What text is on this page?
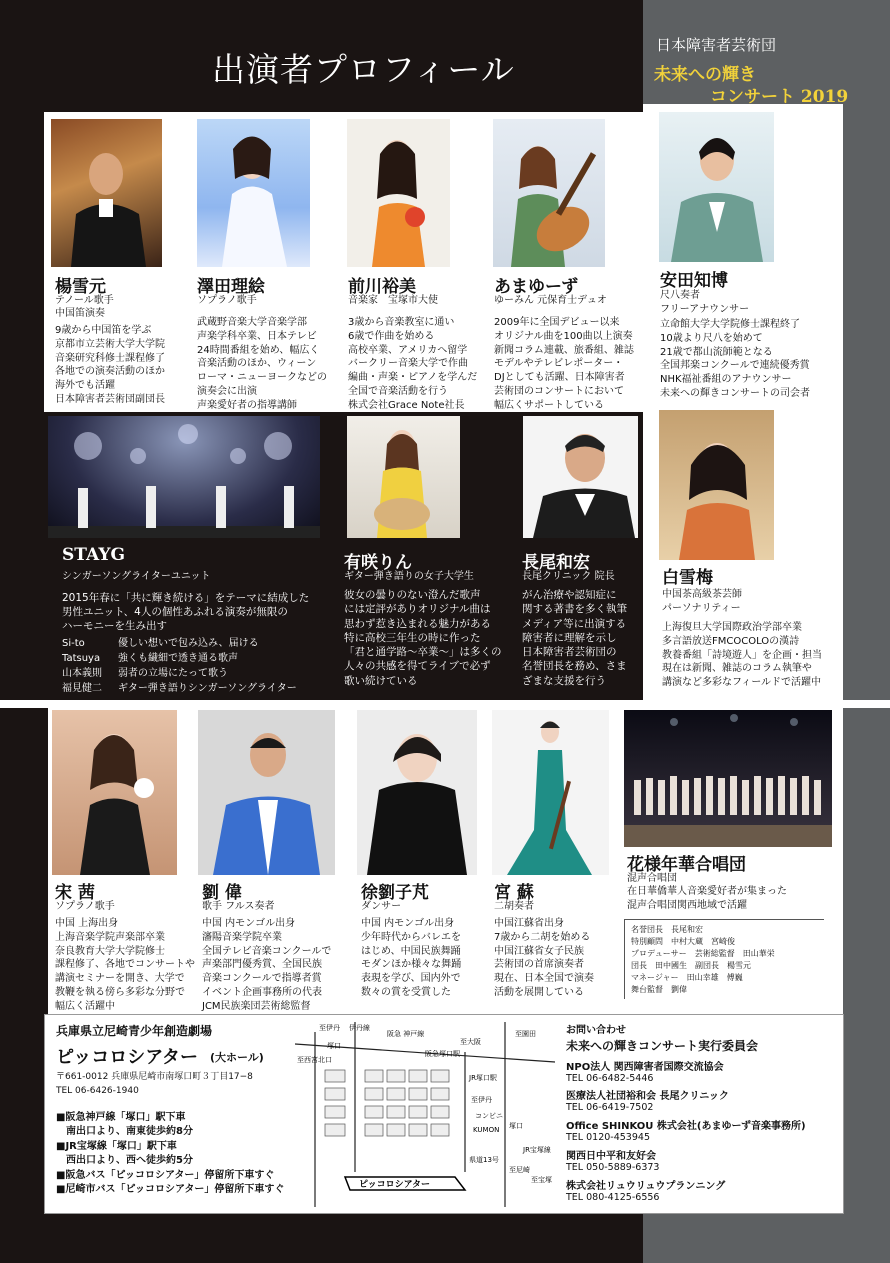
出演者プロフィール
日本障害者芸術団
未来への輝き
コンサート 2019
楊雪元
テノール歌手
中国笛演奏
9歳から中国笛を学ぶ
京都市立芸術大学大学院
音楽研究科修士課程修了
各地での演奏活動のほか
海外でも活躍
日本障害者芸術団副団長
澤田理絵
ソプラノ歌手
武蔵野音楽大学音楽学部
声楽学科卒業、日本テレビ
24時間番組を始め、幅広く
音楽活動のほか、ウィーン
ローマ・ニューヨークなどの
演奏会に出演
声楽愛好者の指導講師
前川裕美
音楽家　宝塚市大使
3歳から音楽教室に通い
6歳で作曲を始める
高校卒業、アメリカへ留学
バークリー音楽大学で作曲
編曲・声楽・ピアノを学んだ
全国で音楽活動を行う
株式会社Grace Note社長
あまゆーず
ゆーみん 元保育士デュオ
2009年に全国デビュー以来
オリジナル曲を100曲以上演奏
新聞コラム連載、旅番組、雑誌
モデルやテレビレポーター・
DJとしても活躍、日本障害者
芸術団のコンサートにおいて
幅広くサポートしている
安田知博
尺八奏者
フリーアナウンサー
立命館大学大学院修士課程終了
10歳より尺八を始めて
21歳で都山流師範となる
全国邦楽コンクールで連続優秀賞
NHK福祉番組のアナウンサー
未来への輝きコンサートの司会者
STAYG
シンガーソングライターユニット
2015年春に「共に輝き続ける」をテーマに結成した
男性ユニット、4人の個性あふれる演奏が無限の
ハーモニーを生み出す
Si-to	優しい想いで包み込み、届ける
Tatsuya 強くも繊細で透き通る歌声
山本義則 弱者の立場にたって歌う
福見健二 ギター弾き語りシンガーソングライター
有咲りん
ギター弾き語りの女子大学生
彼女の曇りのない澄んだ歌声
には定評がありオリジナル曲は
思わず惹き込まれる魅力がある
特に高校三年生の時に作った
「君と通学路～卒業～」は多くの
人々の共感を得てライブで必ず
歌い続けている
長尾和宏
長尾クリニック 院長
がん治療や認知症に
関する著書を多く執筆
メディア等に出演する
障害者に理解を示し
日本障害者芸術団の
名誉団長を務め、さま
ざまな支援を行う
白雪梅
中国茶高級茶芸師
パーソナリティー
上海復旦大学国際政治学部卒業
多言語放送FMCOCOLOの漢詩
教養番組「詩境遊人」を企画・担当
現在は新聞、雑誌のコラム執筆や
講演など多彩なフィールドで活躍中
宋 茜
ソプラノ歌手
中国 上海出身
上海音楽学院声楽部卒業
奈良教育大学大学院修士
課程修了、各地でコンサートや
講演セミナーを開き、大学で
教鞭を執る傍ら多彩な分野で
幅広く活躍中
劉 偉
歌手 フルス奏者
中国 内モンゴル出身
瀋陽音楽学院卒業
全国テレビ音楽コンクールで
声楽部門優秀賞、全国民族
音楽コンクールで指導者賞
イベント企画事務所の代表
JCM民族楽団芸術総監督
徐劉子芃
ダンサー
中国 内モンゴル出身
少年時代からバレエを
はじめ、中国民族舞踊
モダンほか様々な舞踊
表現を学び、国内外で
数々の賞を受賞した
宮 蘇
二胡奏者
中国江蘇省出身
7歳から二胡を始める
中国江蘇省女子民族
芸術団の首席演奏者
現在、日本全国で演奏
活動を展開している
花様年華合唱団
混声合唱団
在日華僑華人音楽愛好者が集まった
混声合唱団関西地域で活躍
名誉団長　長尾和宏
特別顧問　中村大蔵　宮崎俊
プロデューサー　芸術総監督　田山華栄
団長　田中國生　副団長　楊雪元
マネージャー　田山幸雄　傅巍
舞台監督　劉偉
兵庫県立尼崎青少年創造劇場
ピッコロシアター (大ホール)
〒661-0012 兵庫県尼崎市南塚口町３丁目17−8
TEL 06-6426-1940
■阪急神戸線「塚口」駅下車
　南出口より、南東徒歩約8分
■JR宝塚線「塚口」駅下車
　西出口より、西へ徒歩約5分
■阪急バス「ピッコロシアター」停留所下車すぐ
■尼崎市バス「ピッコロシアター」停留所下車すぐ
至伊丹 伊丹線
阪急 神戸線
至大阪
至園田
塚口
阪急塚口駅
JR塚口駅
コンビニ
KUMON 塚口
JR宝塚線
至尼崎
至宝塚
至伊丹
至西宮北口
ピッコロシアター
県道13号
お問い合わせ
未来への輝きコンサート実行委員会
NPO法人 関西障害者国際交流協会
TEL 06-6482-5446
医療法人社団裕和会 長尾クリニック
TEL 06-6419-7502
Office SHINKOU 株式会社(あまゆーず音楽事務所)
TEL 0120-453945
関西日中平和友好会
TEL 050-5889-6373
株式会社リュウリュウプランニング
TEL 080-4125-6556
